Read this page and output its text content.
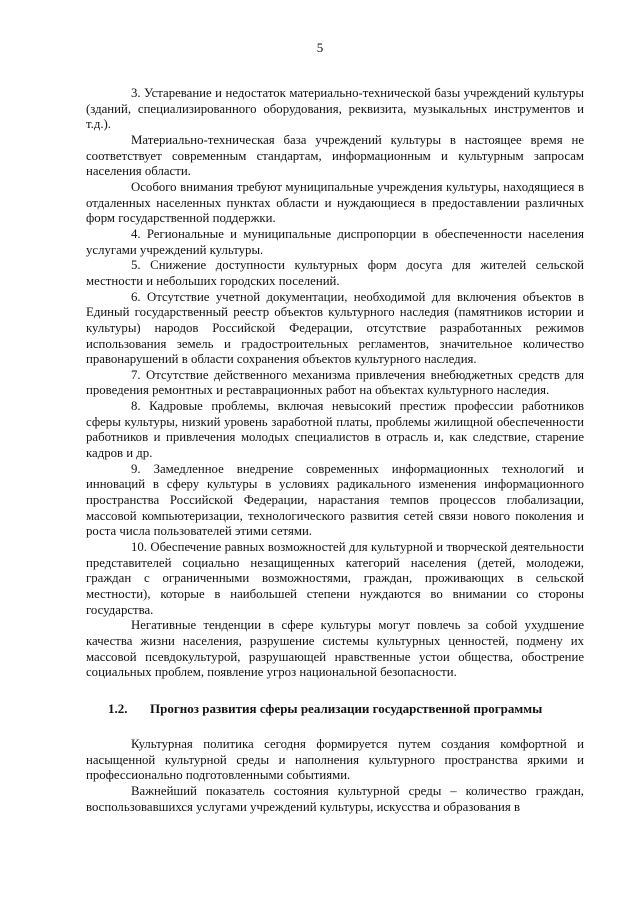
5

3. Устаревание и недостаток материально-технической базы учреждений культуры (зданий, специализированного оборудования, реквизита, музыкальных инструментов и т.д.).

Материально-техническая база учреждений культуры в настоящее время не соответствует современным стандартам, информационным и культурным запросам населения области.

Особого внимания требуют муниципальные учреждения культуры, находящиеся в отдаленных населенных пунктах области и нуждающиеся в предоставлении различных форм государственной поддержки.

4. Региональные и муниципальные диспропорции в обеспеченности населения услугами учреждений культуры.

5. Снижение доступности культурных форм досуга для жителей сельской местности и небольших городских поселений.

6. Отсутствие учетной документации, необходимой для включения объектов в Единый государственный реестр объектов культурного наследия (памятников истории и культуры) народов Российской Федерации, отсутствие разработанных режимов использования земель и градостроительных регламентов, значительное количество правонарушений в области сохранения объектов культурного наследия.

7. Отсутствие действенного механизма привлечения внебюджетных средств для проведения ремонтных и реставрационных работ на объектах культурного наследия.

8. Кадровые проблемы, включая невысокий престиж профессии работников сферы культуры, низкий уровень заработной платы, проблемы жилищной обеспеченности работников и привлечения молодых специалистов в отрасль и, как следствие, старение кадров и др.

9. Замедленное внедрение современных информационных технологий и инноваций в сферу культуры в условиях радикального изменения информационного пространства Российской Федерации, нарастания темпов процессов глобализации, массовой компьютеризации, технологического развития сетей связи нового поколения и роста числа пользователей этими сетями.

10. Обеспечение равных возможностей для культурной и творческой деятельности представителей социально незащищенных категорий населения (детей, молодежи, граждан с ограниченными возможностями, граждан, проживающих в сельской местности), которые в наибольшей степени нуждаются во внимании со стороны государства.

Негативные тенденции в сфере культуры могут повлечь за собой ухудшение качества жизни населения, разрушение системы культурных ценностей, подмену их массовой псевдокультурой, разрушающей нравственные устои общества, обострение социальных проблем, появление угроз национальной безопасности.

1.2. Прогноз развития сферы реализации государственной программы

Культурная политика сегодня формируется путем создания комфортной и насыщенной культурной среды и наполнения культурного пространства яркими и профессионально подготовленными событиями.

Важнейший показатель состояния культурной среды – количество граждан, воспользовавшихся услугами учреждений культуры, искусства и образования в
